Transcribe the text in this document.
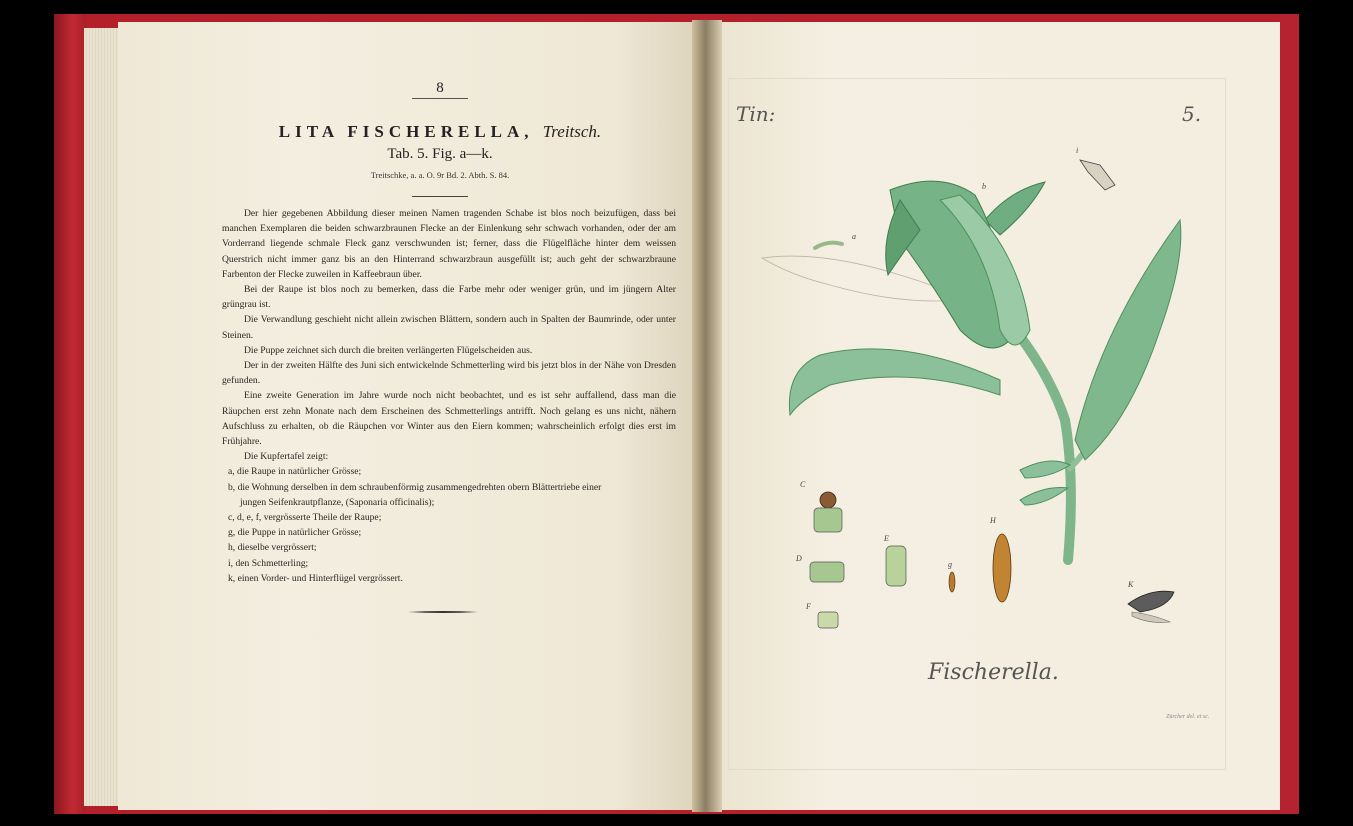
8
LITA FISCHERELLA, Treitsch.
Tab. 5. Fig. a—k.
Treitschke, a. a. O. 9r Bd. 2. Abth. S. 84.

Der hier gegebenen Abbildung dieser meinen Namen tragenden Schabe ist blos noch beizufügen, dass bei manchen Exemplaren die beiden schwarzbraunen Flecke an der Einlenkung sehr schwach vorhanden, oder der am Vorderrand liegende schmale Fleck ganz verschwunden ist; ferner, dass die Flügelfläche hinter dem weissen Querstrich nicht immer ganz bis an den Hinterrand schwarzbraun ausgefüllt ist; auch geht der schwarzbraune Farbenton der Flecke zuweilen in Kaffeebraun über.

Bei der Raupe ist blos noch zu bemerken, dass die Farbe mehr oder weniger grün, und im jüngern Alter grüngrau ist.

Die Verwandlung geschieht nicht allein zwischen Blättern, sondern auch in Spalten der Baumrinde, oder unter Steinen.

Die Puppe zeichnet sich durch die breiten verlängerten Flügelscheiden aus.

Der in der zweiten Hälfte des Juni sich entwickelnde Schmetterling wird bis jetzt blos in der Nähe von Dresden gefunden.

Eine zweite Generation im Jahre wurde noch nicht beobachtet, und es ist sehr auffallend, dass man die Räupchen erst zehn Monate nach dem Erscheinen des Schmetterlings antrifft. Noch gelang es uns nicht, nähern Aufschluss zu erhalten, ob die Räupchen vor Winter aus den Eiern kommen; wahrscheinlich erfolgt dies erst im Frühjahre.

Die Kupfertafel zeigt:

a, die Raupe in natürlicher Grösse;

b, die Wohnung derselben in dem schraubenförmig zusammengedrehten obern Blättertriebe einer

jungen Seifenkrautpflanze, (Saponaria officinalis);

c, d, e, f, vergrösserte Theile der Raupe;

g, die Puppe in natürlicher Grösse;

h, dieselbe vergrössert;

i, den Schmetterling;

k, einen Vorder- und Hinterflügel vergrössert.

Tin:	5.
a
b
i
C
D
E
F
g
H
K
Fischerella.
Zürcher del. et sc.
